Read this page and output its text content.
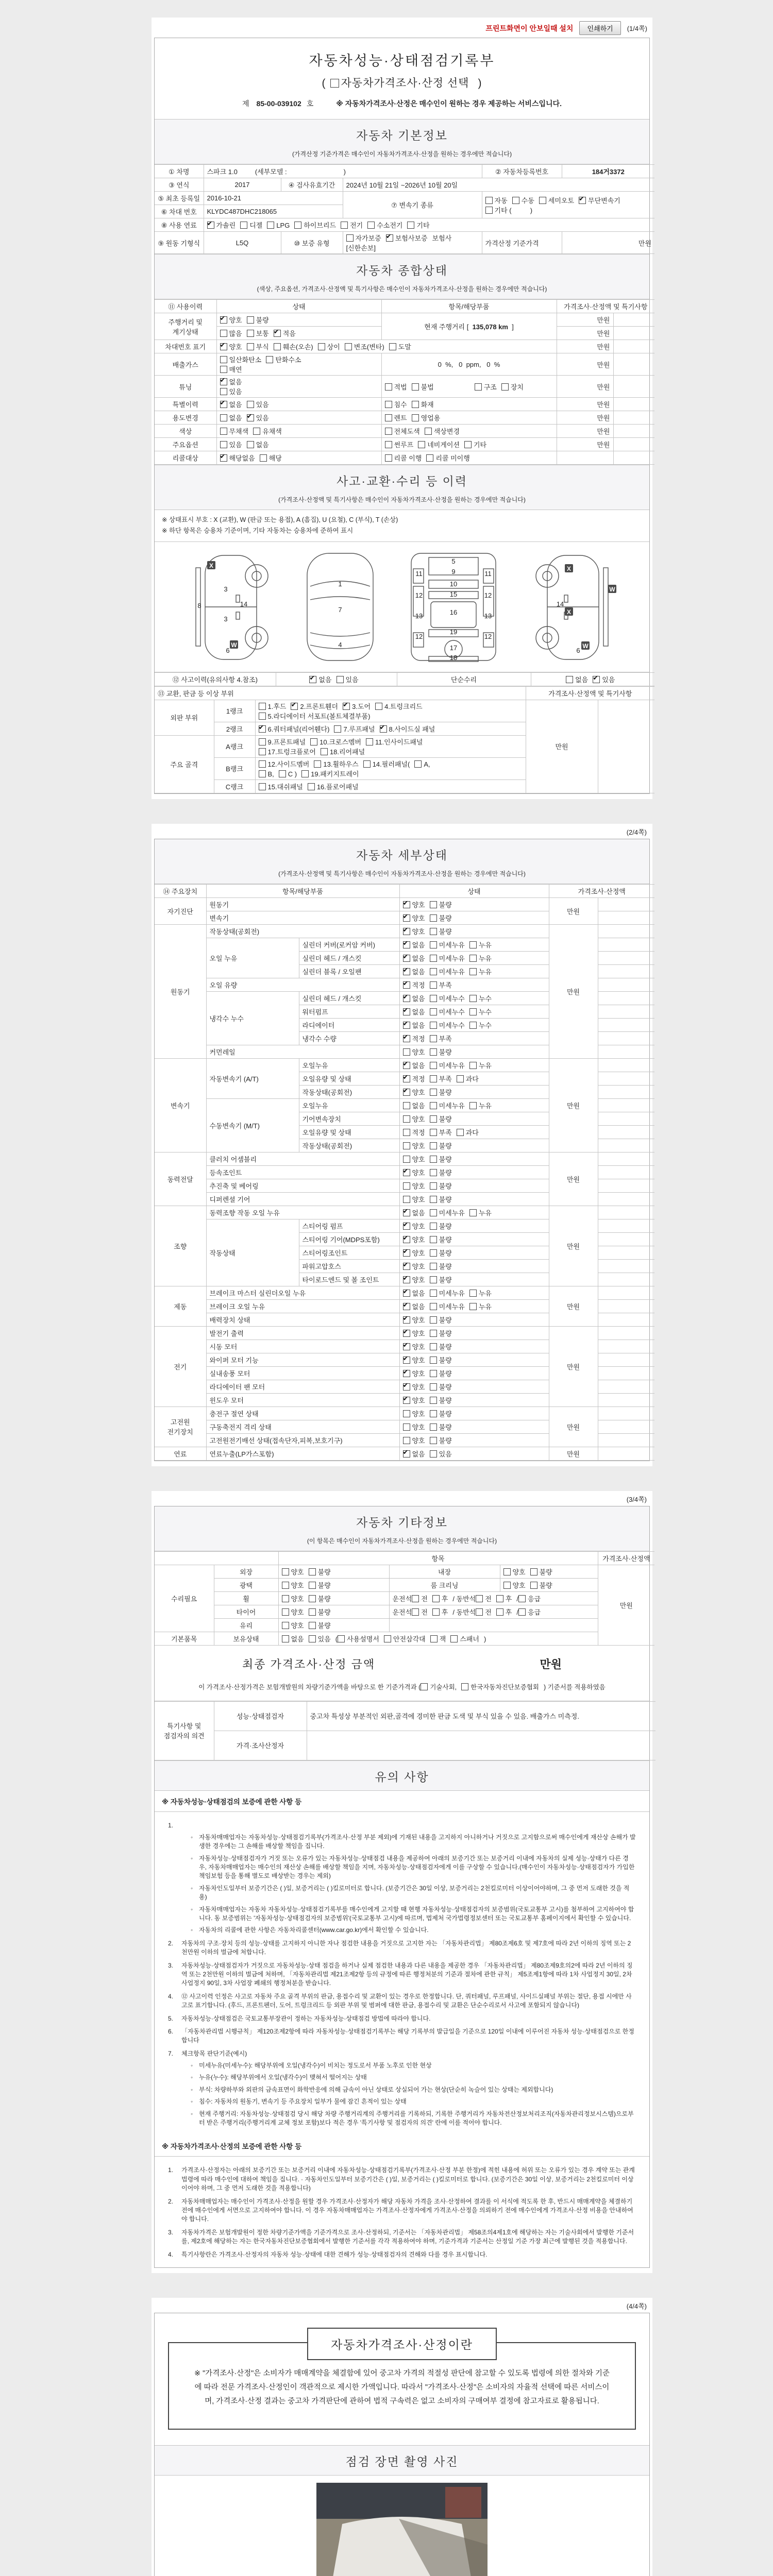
프린트화면이 안보일때 설치	인쇄하기	(1/4쪽)
자동차성능·상태점검기록부
( 자동차가격조사·산정 선택 )
제 85-00-039102 호	※ 자동차가격조사·산정은 매수인이 원하는 경우 제공하는 서비스입니다.
자동차 기본정보
(가격산정 기준가격은 매수인이 자동차가격조사·산정을 원하는 경우에만 적습니다)
① 차명	스파크 1.0 (세부모델 : )			② 자동차등록번호	184거3372
③ 연식	2017	④ 검사유효기간	2024년 10월 21일 ~2026년 10월 20일		
⑤ 최초 등록일	2016-10-21		⑦ 변속기 종류	자동 수동 세미오토 ✔ 무단변속기
기타 (          )
⑥ 차대 번호	KLYDC487DHC218065				
⑧ 사용 연료	✔가솔린 디젤 LPG 하이브리드 전기 수소전기 기타
⑨ 원동 기형식	L5Q	⑩ 보증 유형	자가보증 ✔ 보험사보증 보험사[신한손보]	가격산정 기준가격	만원
자동차 종합상태
(색상, 주요옵션, 가격조사·산정액 및 특기사항은 매수인이 자동차가격조사·산정을 원하는 경우에만 적습니다)
⑪ 사용이력	상태	항목/해당부품	가격조사·산정액 및 특기사항	
주행거리 및 계기상태	✔양호 불량	현재 주행거리 [  135,078 km  ]	만원	
	많음 보통 ✔ 적음		만원	
차대번호 표기	✔양호 부식 훼손(오손) 상이 변조(변타) 도말		만원	
배출가스	일산화탄소 탄화수소
매연	0  %,   0  ppm,   0  %	만원	
튜닝	✔없음
있음	적법 불법 구조 장치	만원	
특별이력	✔없음 있음	침수 화재	만원	
용도변경	없음 ✔ 있음	렌트 영업용	만원	
색상	무채색 유채색	전체도색 색상변경	만원	
주요옵션	있음 없음	썬루프 네비게이션 기타	만원	
리콜대상	✔해당없음 해당	리콜 이행 리콜 미이행		
사고·교환·수리 등 이력
(가격조사·산정액 및 특기사항은 매수인이 자동차가격조사·산정을 원하는 경우에만 적습니다)
※ 상태표시 부호 : X (교환), W (판금 또는 용접), A (흠집), U (요철), C (부식), T (손상)
※ 하단 항목은 승용차 기준이며, 기타 자동차는 승용차에 준하여 표시
8
3
3
14
6
1
7
4
5
9
10
15
16
19
17
18
11	11
12	12
13	13
12	12
14
6
X
W
X
W
X
W
⑫ 사고이력(유의사항 4.참조)	✔없음 있음	단순수리	없음 ✔ 있음
⑬ 교환, 판금 등 이상 부위			가격조사·산정액 및 특기사항	
외판 부위	1랭크	1.후드 ✔ 2.프론트휀더 ✔ 3.도어 4.트렁크리드
5.라디에이터 서포트(볼트체결부품)	만원	
	2랭크	✔6.쿼터패널(리어휀다) 7.루프패널 ✔ 8.사이드실 패널
주요 골격	A랭크	9.프론트패널 10.크로스멤버 11.인사이드패널
17.트렁크플로어 18.리어패널		
	B랭크	12.사이드멤버 13.휠하우스 14.필러패널( A,
B, C ) 19.패키지트레이		
	C랭크	15.대쉬패널 16.플로어패널		
(2/4쪽)
자동차 세부상태
(가격조사·산정액 및 특기사항은 매수인이 자동차가격조사·산정을 원하는 경우에만 적습니다)
⑭ 주요장치	항목/해당부품		상태	가격조사·산정액	
자기진단	원동기	✔양호 불량	만원	
	변속기	✔양호 불량	
원동기	작동상태(공회전)	✔양호 불량	만원	
	오일 누유	실린더 커버(로커암 커버)	✔없음 미세누유 누유	
		실린더 헤드 / 개스킷	✔없음 미세누유 누유	
		실린더 블록 / 오일팬	✔없음 미세누유 누유	
	오일 유량	✔적정 부족	
	냉각수 누수	실린더 헤드 / 개스킷	✔없음 미세누수 누수	
		워터펌프	✔없음 미세누수 누수	
		라디에이터	✔없음 미세누수 누수	
		냉각수 수량	✔적정 부족	
	커먼레일		양호 불량		
변속기	자동변속기 (A/T)	오일누유	✔없음 미세누유 누유	만원	
		오일유량 및 상태	✔적정 부족 과다	
		작동상태(공회전)	✔양호 불량	
	수동변속기 (M/T)	오일누유	없음 미세누유 누유		
		기어변속장치	양호 불량		
		오일유량 및 상태	적정 부족 과다		
		작동상태(공회전)	양호 불량		
동력전달	클러치 어셈블리		양호 불량	만원	
	등속조인트	✔양호 불량	
	추진축 및 베어링		양호 불량		
	디퍼렌셜 기어		양호 불량		
조향	동력조향 작동 오일 누유	✔없음 미세누유 누유	만원	
	작동상태	스티어링 펌프	✔양호 불량	
		스티어링 기어(MDPS포함)	✔양호 불량	
		스티어링조인트	✔양호 불량	
		파워고압호스	✔양호 불량	
		타이로드엔드 및 볼 조인트	✔양호 불량	
제동	브레이크 마스터 실린더오일 누유	✔없음 미세누유 누유	만원	
	브레이크 오일 누유	✔없음 미세누유 누유	
	배력장치 상태	✔양호 불량	
전기	발전기 출력	✔양호 불량	만원	
	시동 모터	✔양호 불량	
	와이퍼 모터 기능	✔양호 불량	
	실내송풍 모터	✔양호 불량	
	라디에이터 팬 모터	✔양호 불량	
	윈도우 모터	✔양호 불량	
고전원 전기장치	충전구 절연 상태		양호 불량	만원	
	구동축전지 격리 상태		양호 불량		
	고전원전기배선 상태(접속단자,피복,보호기구)		양호 불량		
연료	연료누출(LP가스포함)	✔없음 있음	만원	
(3/4쪽)
자동차 기타정보
(이 항목은 매수인이 자동차가격조사·산정을 원하는 경우에만 적습니다)
		항목			가격조사·산정액
수리필요	외장	양호 불량	내장	양호 불량	만원
	광택	양호 불량	룸 크리닝	양호 불량	
	휠	양호 불량	운전석 전 후 / 동반석 전 후 / 응급		
	타이어	양호 불량	운전석 전 후 / 동반석 전 후 / 응급		
	유리	양호 불량			
기본품목	보유상태	없음 있음 ( 사용설명서 안전삼각대 잭 스패너 )			
최종 가격조사·산정 금액	만원
이 가격조사·산정가격은 보험개발원의 차량기준가액을 바탕으로 한 기준가격과 ( 기술사회, 한국자동차진단보증협회 ) 기준서를 적용하였음
특기사항 및 점검자의 의견	성능·상태점검자	중고차 특성상 부분적인 외판,골격에 경미한 판금 도색 및 부식 있을 수 있음. 배출가스 미측정.
	가격·조사산정자	
유의 사항
※ 자동차성능·상태점검의 보증에 관한 사항 등
1.
◦ 자동차매매업자는 자동차성능·상태점검기록부(가격조사·산정 부분 제외)에 기재된 내용을 고지하지 아니하거나 거짓으로 고지함으로써 매수인에게 재산상 손해가 발생한 경우에는 그 손해를 배상할 책임을 집니다.
◦ 자동차성능·상태점검자가 거짓 또는 오류가 있는 자동차성능·상태점검 내용을 제공하여 아래의 보증기간 또는 보증거리 이내에 자동차의 실제 성능·상태가 다른 경우, 자동차매매업자는 매수인의 재산상 손해를 배상할 책임을 지며, 자동차성능·상태점검자에게 이를 구상할 수 있습니다.(매수인이 자동차성능·상태점검자가 가입한 책임보험 등을 통해 별도로 배상받는 경우는 제외)
◦ 자동차인도일부터 보증기간은 ( )일, 보증거리는 ( )킬로미터로 합니다. (보증기간은 30일 이상, 보증거리는 2천킬로미터 이상이어야하며, 그 중 먼저 도래한 것을 적용)
◦ 자동차매매업자는 자동차 자동차성능·상태점검기록부를 매수인에게 고지할 때 현행 자동차성능·상태점검자의 보증범위(국토교통부 고시)를 첨부하여 고지하여야 합니다. 동 보증범위는 '자동차성능·상태점검자의 보증범위'(국토교통부 고시)에 따르며, 법제처 국가법령정보센터 또는 국토교통부 홈페이지에서 확인할 수 있습니다.
◦ 자동차의 리콜에 관한 사항은 자동차리콜센터(www.car.go.kr)에서 확인할 수 있습니다.
2.	자동차의 구조·장치 등의 성능·상태를 고지하지 아니한 자나 점검한 내용을 거짓으로 고지한 자는 「자동차관리법」 제80조제6호 및 제7호에 따라 2년 이하의 징역 또는 2천만원 이하의 벌금에 처합니다.
3.	자동차성능·상태점검자가 거짓으로 자동차성능·상태 점검을 하거나 실제 점검한 내용과 다른 내용을 제공한 경우 「자동차관리법」 제80조제9호의2에 따라 2년 이하의 징역 또는 2천만원 이하의 벌금에 처하며, 「자동차관리법 제21조제2항 등의 규정에 따른 행정처분의 기준과 절차에 관한 규칙」 제5조제1항에 따라 1차 사업정지 30일, 2차 사업정지 90일, 3차 사업장 폐쇄의 행정처분을 받습니다.
4.	⑫ 사고이력 인정은 사고로 자동차 주요 골격 부위의 판금, 용접수리 및 교환이 있는 경우로 한정합니다. 단, 쿼터패널, 루프패널, 사이드실패널 부위는 절단, 용접 시에만 사고로 표기합니다. (후드, 프론트펜더, 도어, 트렁크리드 등 외판 부위 및 범퍼에 대한 판금, 용접수리 및 교환은 단순수리로서 사고에 포함되지 않습니다)
5.	자동차성능·상태점검은 국토교통부장관이 정하는 자동차성능·상태점검 방법에 따라야 합니다.
6.	「자동차관리법 시행규칙」 제120조제2항에 따라 자동차성능·상태점검기록부는 해당 기록부의 발급일을 기준으로 120일 이내에 이루어진 자동차 성능·상태점검으로 한정합니다
7.	체크항목 판단기준(예시)
◦ 미세누유(미세누수): 해당부위에 오일(냉각수)이 비치는 정도로서 부품 노후로 인한 현상
◦ 누유(누수): 해당부위에서 오일(냉각수)이 맺혀서 떨어지는 상태
◦ 부식: 차량하부와 외판의 금속표면이 화학반응에 의해 금속이 아닌 상태로 상실되어 가는 현상(단순히 녹슬어 있는 상태는 제외합니다)
◦ 침수: 자동차의 원동기, 변속기 등 주요장치 일부가 물에 잠긴 흔적이 있는 상태
◦ 현재 주행거리: 자동차성능·상태점검 당시 해당 차량 주행거리계의 주행거리를 기록하되, 기록한 주행거리가 자동차전산정보처리조직(자동차관리정보시스템)으로부터 받은 주행거리(주행거리계 교체 정보 포함)보다 적은 경우 '특기사항 및 점검자의 의견' 란에 이를 적어야 합니다.
※ 자동차가격조사·산정의 보증에 관한 사항 등
1.	가격조사·산정자는 아래의 보증기간 또는 보증거리 이내에 자동차성능·상태점검기록부(가격조사·산정 부분 한정)에 적힌 내용에 허위 또는 오류가 있는 경우 계약 또는 관계법령에 따라 매수인에 대하여 책임을 집니다. · 자동차인도일부터 보증기간은 ( )일, 보증거리는 ( )킬로미터로 합니다. (보증기간은 30일 이상, 보증거리는 2천킬로미터 이상이어야 하며, 그 중 먼저 도래한 것을 적용합니다)
2.	자동차매매업자는 매수인이 가격조사·산정을 원할 경우 가격조사·산정자가 해당 자동차 가격을 조사·산정하여 결과를 이 서식에 적도록 한 후, 반드시 매매계약을 체결하기 전에 매수인에게 서면으로 고지하여야 합니다. 이 경우 자동차매매업자는 가격조사·산정자에게 가격조사·산정을 의뢰하기 전에 매수인에게 가격조사·산정 비용을 안내하여야 합니다.
3.	자동차가격은 보험개발원이 정한 차량기준가액을 기준가격으로 조사·산정하되, 기준서는 「자동차관리법」 제58조의4제1호에 해당하는 자는 기술사회에서 발행한 기준서를, 제2호에 해당하는 자는 한국자동차진단보증협회에서 발행한 기준서를 각각 적용하여야 하며, 기준가격과 기준서는 산정일 기준 가장 최근에 발행된 것을 적용합니다.
4.	특기사항란은 가격조사·산정자의 자동차 성능·상태에 대한 견해가 성능·상태점검자의 견해와 다를 경우 표시합니다.
(4/4쪽)
자동차가격조사·산정이란
※ "가격조사·산정"은 소비자가 매매계약을 체결함에 있어 중고차 가격의 적절성 판단에 참고할 수 있도록 법령에 의한 절차와 기준에 따라 전문 가격조사·산정인이 객관적으로 제시한 가액입니다. 따라서 "가격조사·산정"은 소비자의 자율적 선택에 따른 서비스이며, 가격조사·산정 결과는 중고차 가격판단에 관하여 법적 구속력은 없고 소비자의 구매여부 결정에 참고자료로 활용됩니다.
점검 장면 촬영 사진
